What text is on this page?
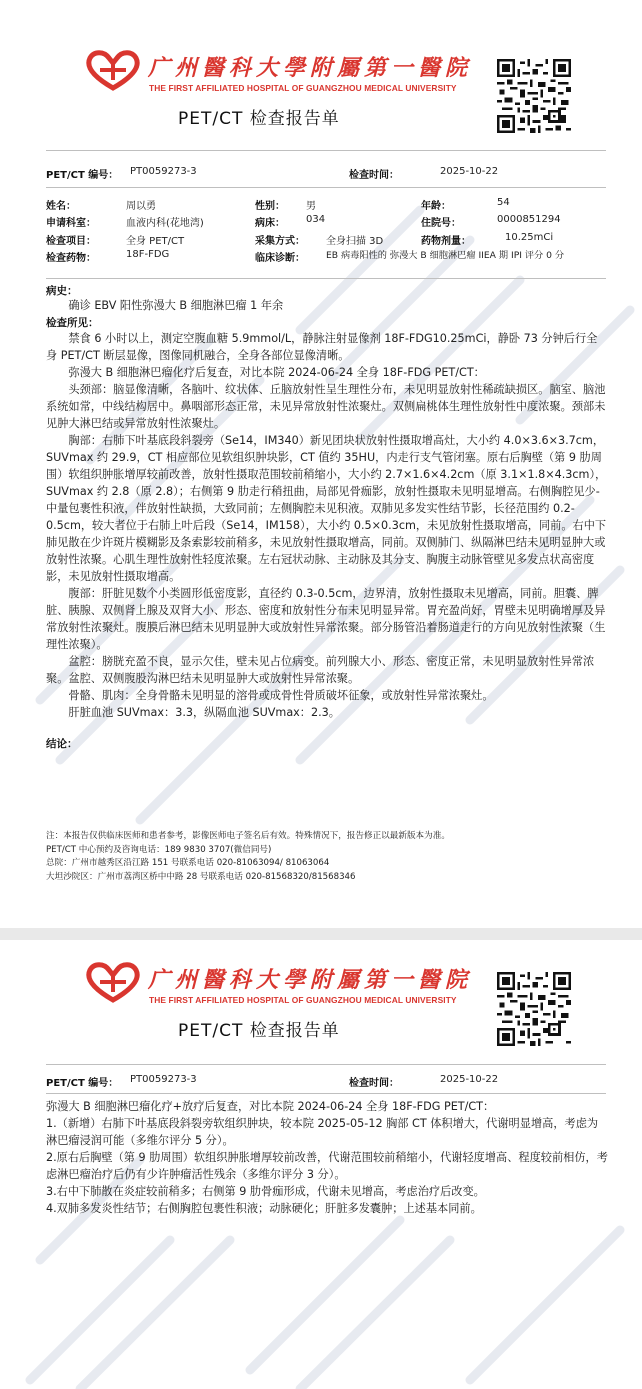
广州醫科大學附屬第一醫院
THE FIRST AFFILIATED HOSPITAL OF GUANGZHOU MEDICAL UNIVERSITY
PET/CT 检查报告单
PET/CT 编号： PT0059273-3	检查时间：	2025-10-22
姓名：	周以勇	性别： 男	年龄：	54
申请科室：	血液内科(花地湾)	病床： 034	住院号：	0000851294
检查项目：	全身 PET/CT	采集方式： 全身扫描 3D	药物剂量：	10.25mCi
检查药物：	18F-FDG	临床诊断： EB 病毒阳性的 弥漫大 B 细胞淋巴瘤 IIEA 期 IPI 评分 0 分
病史：

确诊 EBV 阳性弥漫大 B 细胞淋巴瘤 1 年余

检查所见：

禁食 6 小时以上，测定空腹血糖 5.9mmol/L，静脉注射显像剂 18F-FDG10.25mCi，静卧 73 分钟后行全身 PET/CT 断层显像，图像同机融合，全身各部位显像清晰。

弥漫大 B 细胞淋巴瘤化疗后复查，对比本院 2024-06-24 全身 18F-FDG PET/CT：

头颈部：脑显像清晰，各脑叶、纹状体、丘脑放射性呈生理性分布，未见明显放射性稀疏缺损区。脑室、脑池系统如常，中线结构居中。鼻咽部形态正常，未见异常放射性浓聚灶。双侧扁桃体生理性放射性中度浓聚。颈部未见肿大淋巴结或异常放射性浓聚灶。

胸部：右肺下叶基底段斜裂旁（Se14，IM340）新见团块状放射性摄取增高灶，大小约 4.0×3.6×3.7cm，SUVmax 约 29.9，CT 相应部位见软组织肿块影，CT 值约 35HU，内走行支气管闭塞。原右后胸壁（第 9 肋周围）软组织肿胀增厚较前改善，放射性摄取范围较前稍缩小，大小约 2.7×1.6×4.2cm（原 3.1×1.8×4.3cm），SUVmax 约 2.8（原 2.8）；右侧第 9 肋走行稍扭曲，局部见骨痂影，放射性摄取未见明显增高。右侧胸腔见少-中量包裹性积液，伴放射性缺损，大致同前；左侧胸腔未见积液。双肺见多发实性结节影，长径范围约 0.2-0.5cm，较大者位于右肺上叶后段（Se14，IM158），大小约 0.5×0.3cm，未见放射性摄取增高，同前。右中下肺见散在少许斑片模糊影及条索影较前稍多，未见放射性摄取增高，同前。双侧肺门、纵隔淋巴结未见明显肿大或放射性浓聚。心肌生理性放射性轻度浓聚。左右冠状动脉、主动脉及其分支、胸腹主动脉管壁见多发点状高密度影，未见放射性摄取增高。

腹部：肝脏见数个小类圆形低密度影，直径约 0.3-0.5cm，边界清，放射性摄取未见增高，同前。胆囊、脾脏、胰腺、双侧肾上腺及双肾大小、形态、密度和放射性分布未见明显异常。胃充盈尚好，胃壁未见明确增厚及异常放射性浓聚灶。腹膜后淋巴结未见明显肿大或放射性异常浓聚。部分肠管沿着肠道走行的方向见放射性浓聚（生理性浓聚）。

盆腔：膀胱充盈不良，显示欠佳，壁未见占位病变。前列腺大小、形态、密度正常，未见明显放射性异常浓聚。盆腔、双侧腹股沟淋巴结未见明显肿大或放射性异常浓聚。

骨骼、肌肉：全身骨骼未见明显的溶骨或成骨性骨质破坏征象，或放射性异常浓聚灶。

肝脏血池 SUVmax：3.3，纵隔血池 SUVmax：2.3。

结论：
注：本报告仅供临床医师和患者参考，影像医师电子签名后有效。特殊情况下，报告修正以最新版本为准。
PET/CT 中心预约及咨询电话：189 9830 3707(微信同号)
总院：广州市越秀区沿江路 151 号联系电话 020-81063094/ 81063064
大坦沙院区：广州市荔湾区桥中中路 28 号联系电话 020-81568320/81568346
广州醫科大學附屬第一醫院
THE FIRST AFFILIATED HOSPITAL OF GUANGZHOU MEDICAL UNIVERSITY
PET/CT 检查报告单
PET/CT 编号： PT0059273-3	检查时间：	2025-10-22

弥漫大 B 细胞淋巴瘤化疗+放疗后复查，对比本院 2024-06-24 全身 18F-FDG PET/CT：

1.（新增）右肺下叶基底段斜裂旁软组织肿块，较本院 2025-05-12 胸部 CT 体积增大，代谢明显增高，考虑为淋巴瘤浸润可能（多维尔评分 5 分）。

2.原右后胸壁（第 9 肋周围）软组织肿胀增厚较前改善，代谢范围较前稍缩小，代谢轻度增高、程度较前相仿，考虑淋巴瘤治疗后仍有少许肿瘤活性残余（多维尔评分 3 分）。

3.右中下肺散在炎症较前稍多；右侧第 9 肋骨痂形成，代谢未见增高，考虑治疗后改变。

4.双肺多发炎性结节；右侧胸腔包裹性积液；动脉硬化；肝脏多发囊肿；上述基本同前。
